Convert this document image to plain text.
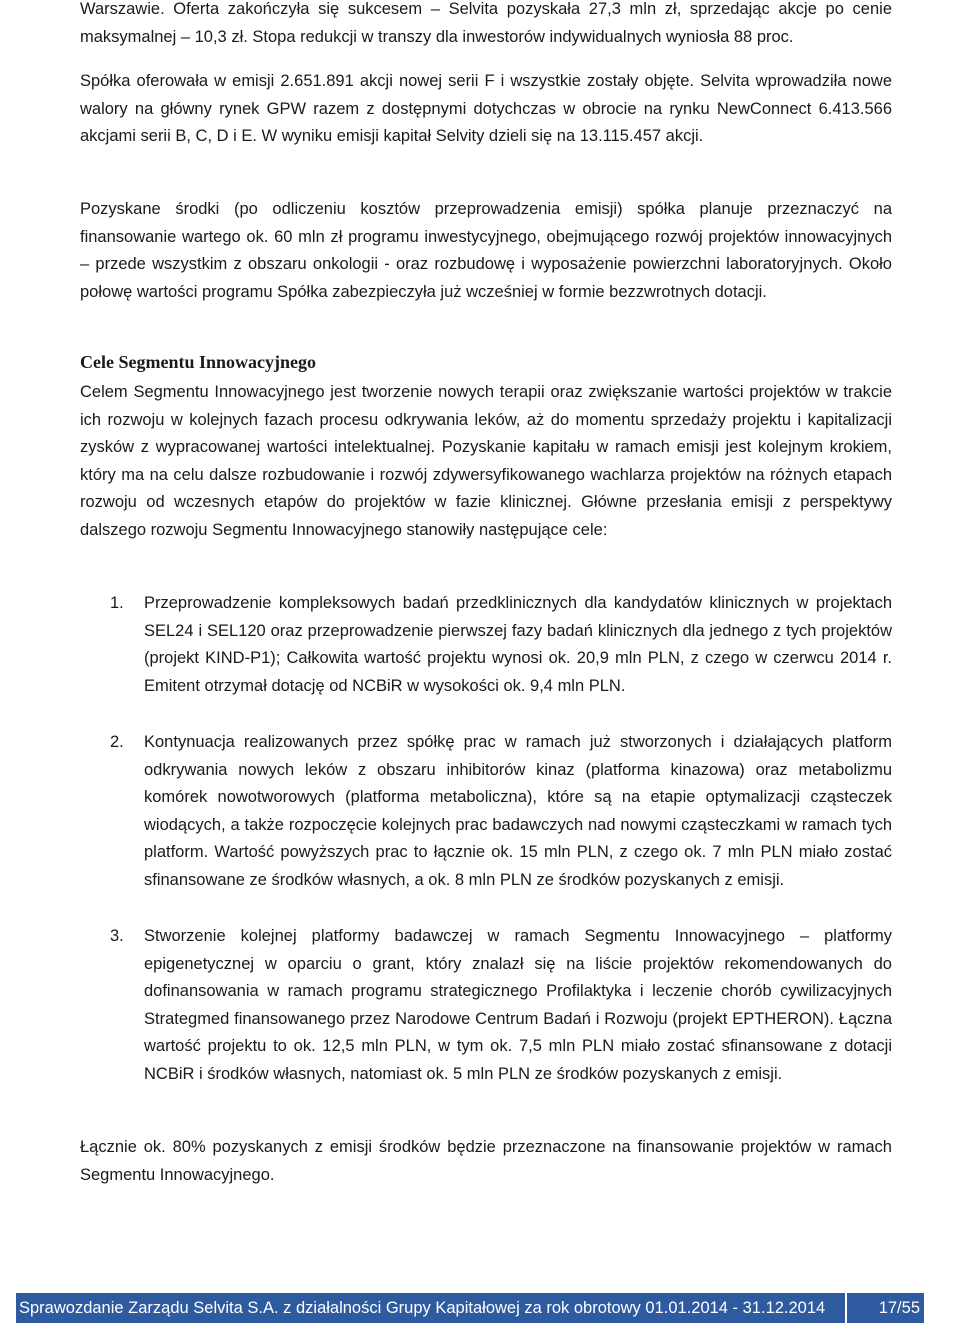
Warszawie. Oferta zakończyła się sukcesem – Selvita pozyskała 27,3 mln zł, sprzedając akcje po cenie maksymalnej – 10,3 zł. Stopa redukcji w transzy dla inwestorów indywidualnych wyniosła 88 proc.

Spółka oferowała w emisji 2.651.891 akcji nowej serii F i wszystkie zostały objęte. Selvita wprowadziła nowe walory na główny rynek GPW razem z dostępnymi dotychczas w obrocie na rynku NewConnect 6.413.566 akcjami serii B, C, D i E. W wyniku emisji kapitał Selvity dzieli się na 13.115.457 akcji.

Pozyskane środki (po odliczeniu kosztów przeprowadzenia emisji) spółka planuje przeznaczyć na finansowanie wartego ok. 60 mln zł programu inwestycyjnego, obejmującego rozwój projektów innowacyjnych – przede wszystkim z obszaru onkologii - oraz rozbudowę i wyposażenie powierzchni laboratoryjnych. Około połowę wartości programu Spółka zabezpieczyła już wcześniej w formie bezzwrotnych dotacji.

Cele Segmentu Innowacyjnego

Celem Segmentu Innowacyjnego jest tworzenie nowych terapii oraz zwiększanie wartości projektów w trakcie ich rozwoju w kolejnych fazach procesu odkrywania leków, aż do momentu sprzedaży projektu i kapitalizacji zysków z wypracowanej wartości intelektualnej. Pozyskanie kapitału w ramach emisji jest kolejnym krokiem, który ma na celu dalsze rozbudowanie i rozwój zdywersyfikowanego wachlarza projektów na różnych etapach rozwoju od wczesnych etapów do projektów w fazie klinicznej. Główne przesłania emisji z perspektywy dalszego rozwoju Segmentu Innowacyjnego stanowiły następujące cele:

1. Przeprowadzenie kompleksowych badań przedklinicznych dla kandydatów klinicznych w projektach SEL24 i SEL120 oraz przeprowadzenie pierwszej fazy badań klinicznych dla jednego z tych projektów (projekt KIND-P1); Całkowita wartość projektu wynosi ok. 20,9 mln PLN, z czego w czerwcu 2014 r. Emitent otrzymał dotację od NCBiR w wysokości ok. 9,4 mln PLN.

2. Kontynuacja realizowanych przez spółkę prac w ramach już stworzonych i działających platform odkrywania nowych leków z obszaru inhibitorów kinaz (platforma kinazowa) oraz metabolizmu komórek nowotworowych (platforma metaboliczna), które są na etapie optymalizacji cząsteczek wiodących, a także rozpoczęcie kolejnych prac badawczych nad nowymi cząsteczkami w ramach tych platform. Wartość powyższych prac to łącznie ok. 15 mln PLN, z czego ok. 7 mln PLN miało zostać sfinansowane ze środków własnych, a ok. 8 mln PLN ze środków pozyskanych z emisji.

3. Stworzenie kolejnej platformy badawczej w ramach Segmentu Innowacyjnego – platformy epigenetycznej w oparciu o grant, który znalazł się na liście projektów rekomendowanych do dofinansowania w ramach programu strategicznego Profilaktyka i leczenie chorób cywilizacyjnych Strategmed finansowanego przez Narodowe Centrum Badań i Rozwoju (projekt EPTHERON). Łączna wartość projektu to ok. 12,5 mln PLN, w tym ok. 7,5 mln PLN miało zostać sfinansowane z dotacji NCBiR i środków własnych, natomiast ok. 5 mln PLN ze środków pozyskanych z emisji.

Łącznie ok. 80% pozyskanych z emisji środków będzie przeznaczone na finansowanie projektów w ramach Segmentu Innowacyjnego.

Sprawozdanie Zarządu Selvita S.A. z działalności Grupy Kapitałowej za rok obrotowy 01.01.2014 - 31.12.2014	17/55
